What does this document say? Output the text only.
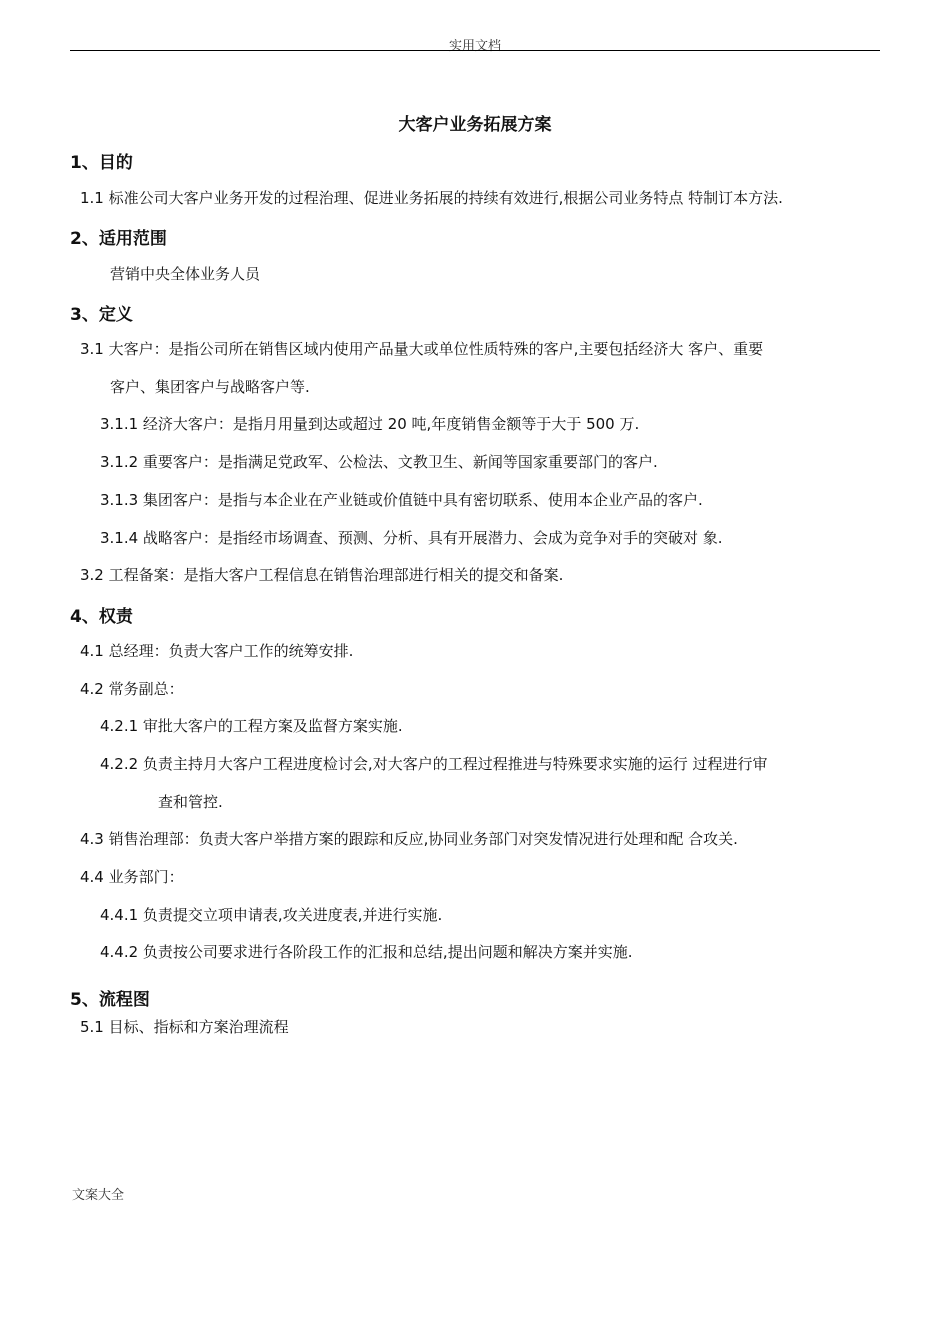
实用文档
大客户业务拓展方案
1、目的
1.1 标准公司大客户业务开发的过程治理、促进业务拓展的持续有效进行,根据公司业务特点 特制订本方法.
2、适用范围
营销中央全体业务人员
3、定义
3.1 大客户：是指公司所在销售区域内使用产品量大或单位性质特殊的客户,主要包括经济大 客户、重要
客户、集团客户与战略客户等.
3.1.1 经济大客户：是指月用量到达或超过 20 吨,年度销售金额等于大于 500 万.
3.1.2 重要客户：是指满足党政军、公检法、文教卫生、新闻等国家重要部门的客户.
3.1.3 集团客户：是指与本企业在产业链或价值链中具有密切联系、使用本企业产品的客户.
3.1.4 战略客户：是指经市场调查、预测、分析、具有开展潜力、会成为竞争对手的突破对 象.
3.2 工程备案：是指大客户工程信息在销售治理部进行相关的提交和备案.
4、权责
4.1 总经理：负责大客户工作的统筹安排.
4.2 常务副总：
4.2.1 审批大客户的工程方案及监督方案实施.
4.2.2 负责主持月大客户工程进度检讨会,对大客户的工程过程推进与特殊要求实施的运行 过程进行审
查和管控.
4.3 销售治理部：负责大客户举措方案的跟踪和反应,协同业务部门对突发情况进行处理和配 合攻关.
4.4 业务部门：
4.4.1 负责提交立项申请表,攻关进度表,并进行实施.
4.4.2 负责按公司要求进行各阶段工作的汇报和总结,提出问题和解决方案并实施.
5、流程图
5.1 目标、指标和方案治理流程
文案大全
